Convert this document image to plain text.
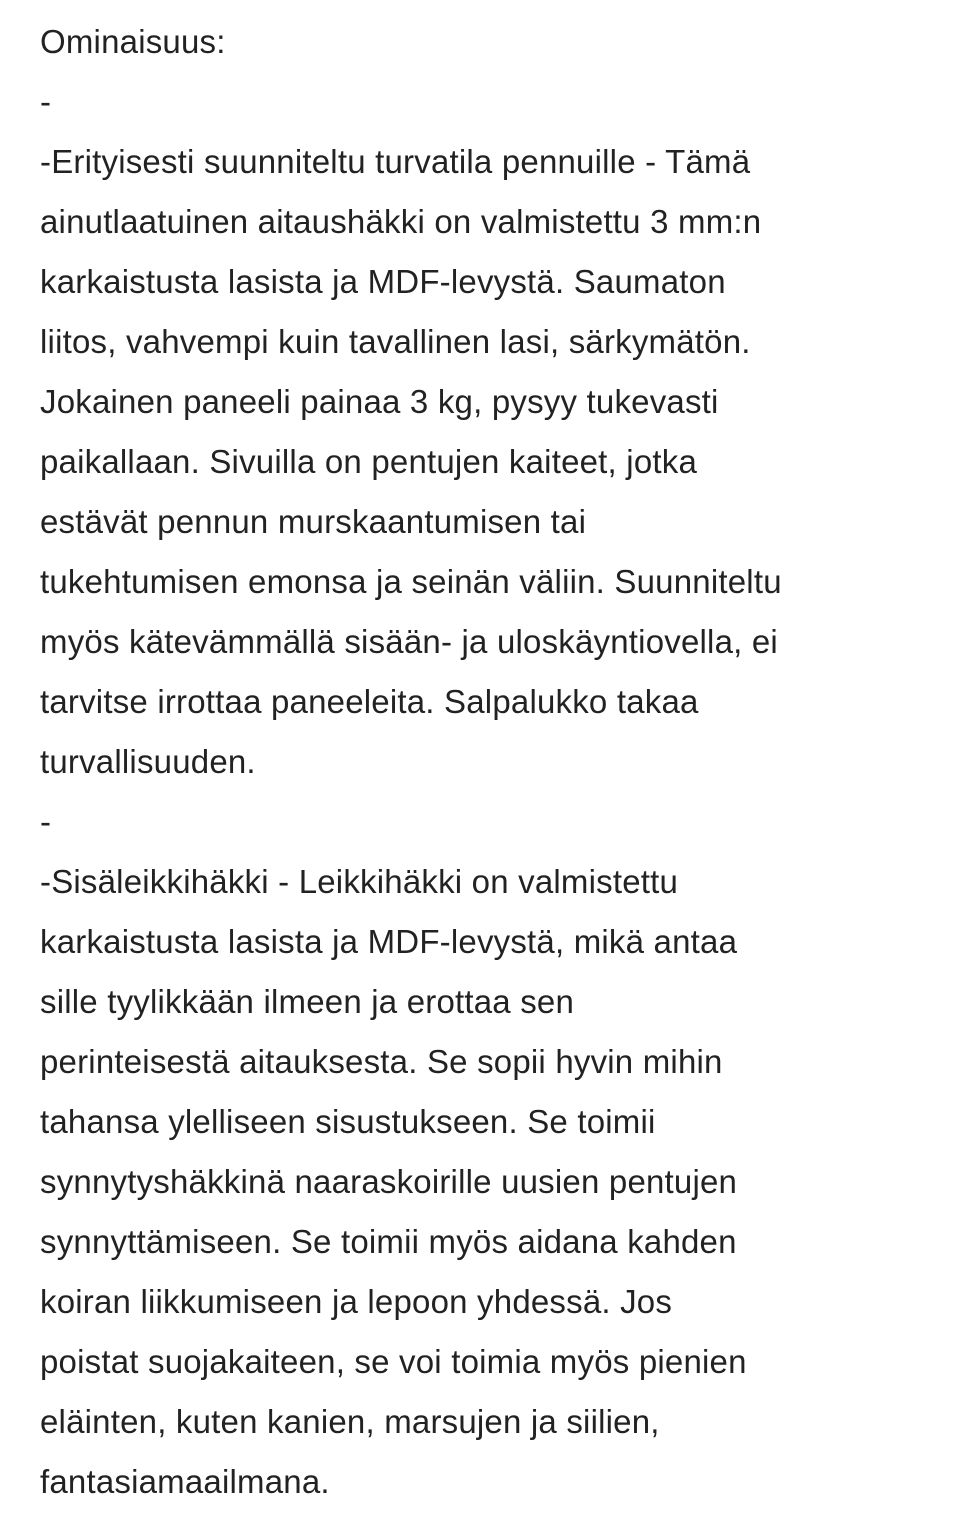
Ominaisuus:
-
-Erityisesti suunniteltu turvatila pennuille - Tämä
ainutlaatuinen aitaushäkki on valmistettu 3 mm:n
karkaistusta lasista ja MDF-levystä. Saumaton
liitos, vahvempi kuin tavallinen lasi, särkymätön.
Jokainen paneeli painaa 3 kg, pysyy tukevasti
paikallaan. Sivuilla on pentujen kaiteet, jotka
estävät pennun murskaantumisen tai
tukehtumisen emonsa ja seinän väliin. Suunniteltu
myös kätevämmällä sisään- ja uloskäyntiovella, ei
tarvitse irrottaa paneeleita. Salpalukko takaa
turvallisuuden.
-
-Sisäleikkihäkki - Leikkihäkki on valmistettu
karkaistusta lasista ja MDF-levystä, mikä antaa
sille tyylikkään ilmeen ja erottaa sen
perinteisestä aitauksesta. Se sopii hyvin mihin
tahansa ylelliseen sisustukseen. Se toimii
synnytyshäkkinä naaraskoirille uusien pentujen
synnyttämiseen. Se toimii myös aidana kahden
koiran liikkumiseen ja lepoon yhdessä. Jos
poistat suojakaiteen, se voi toimia myös pienien
eläinten, kuten kanien, marsujen ja siilien,
fantasiamaailmana.
